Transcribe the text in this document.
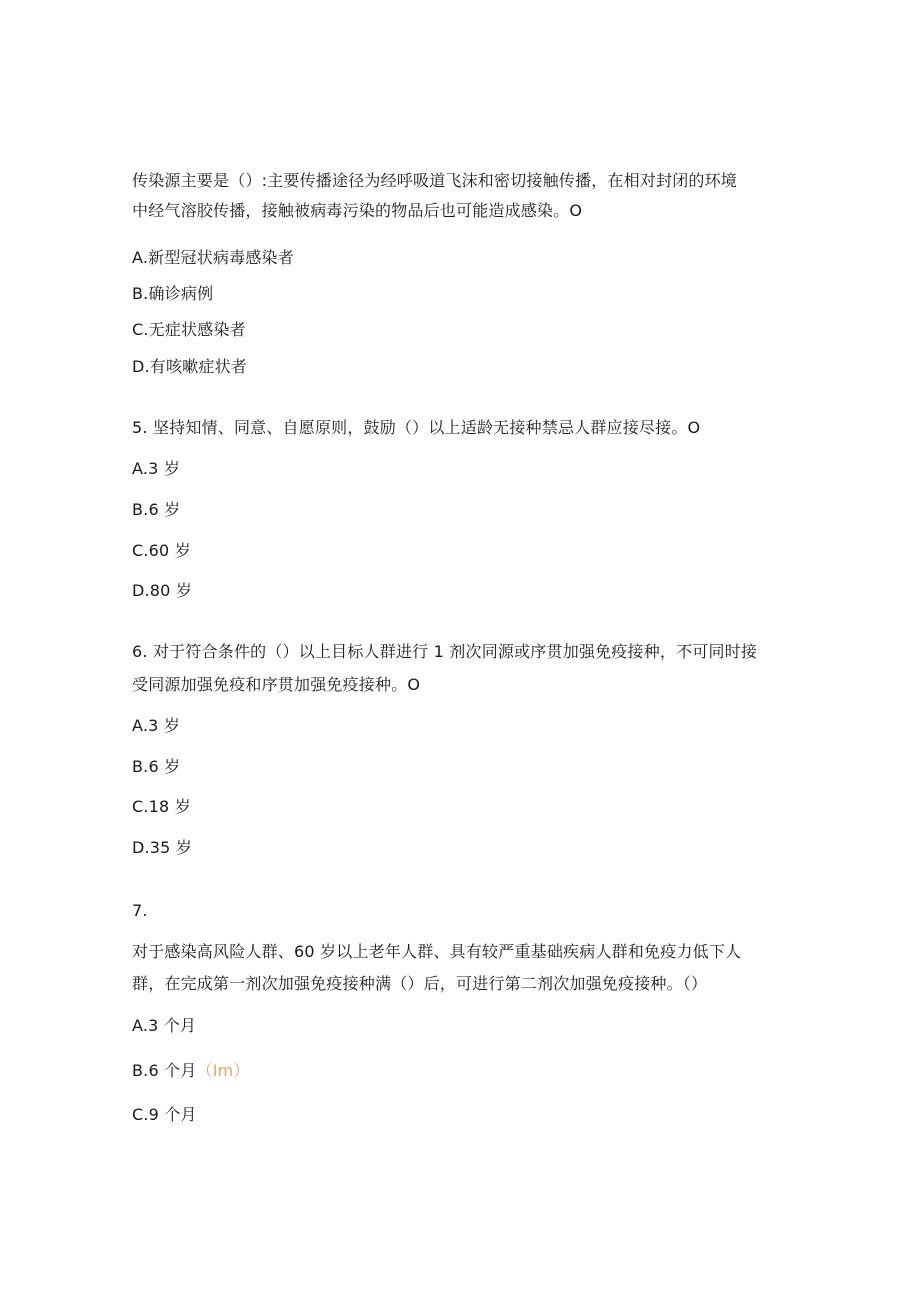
传染源主要是（）:主要传播途径为经呼吸道飞沫和密切接触传播，在相对封闭的环境
中经气溶胶传播，接触被病毒污染的物品后也可能造成感染。O
A.新型冠状病毒感染者
B.确诊病例
C.无症状感染者
D.有咳嗽症状者
5. 坚持知情、同意、自愿原则，鼓励（）以上适龄无接种禁忌人群应接尽接。O
A.3 岁
B.6 岁
C.60 岁
D.80 岁
6. 对于符合条件的（）以上目标人群进行 1 剂次同源或序贯加强免疫接种，不可同时接
受同源加强免疫和序贯加强免疫接种。O
A.3 岁
B.6 岁
C.18 岁
D.35 岁
7.
对于感染高风险人群、60 岁以上老年人群、具有较严重基础疾病人群和免疫力低下人
群，在完成第一剂次加强免疫接种满（）后，可进行第二剂次加强免疫接种。（）
A.3 个月
B.6 个月（Im）
C.9 个月
